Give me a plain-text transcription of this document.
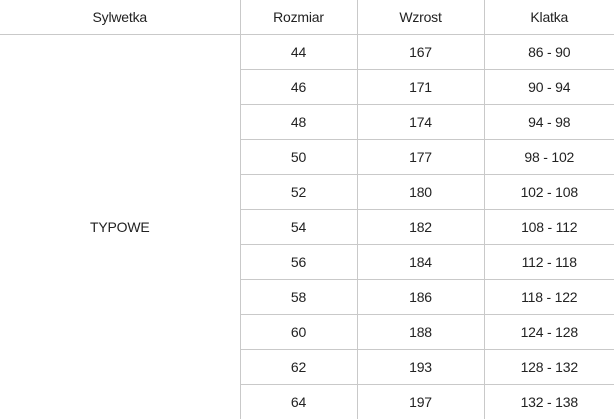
Sylwetka	Rozmiar	Wzrost	Klatka
TYPOWE	44	167	86 - 90
	46	171	90 - 94
	48	174	94 - 98
	50	177	98 - 102
	52	180	102 - 108
	54	182	108 - 112
	56	184	112 - 118
	58	186	118 - 122
	60	188	124 - 128
	62	193	128 - 132
	64	197	132 - 138
